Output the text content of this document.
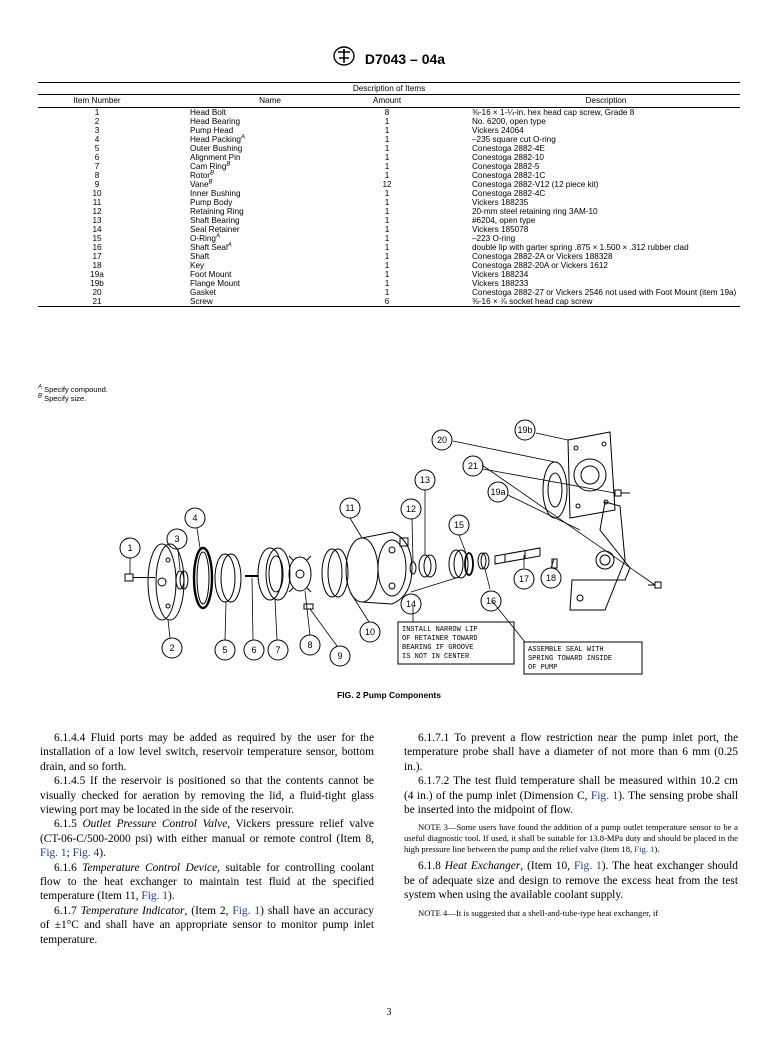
D7043 – 04a
Description of Items
Item Number	Name	Amount	Description
1	Head Bolt	8	⅜-16 × 1-¼-in. hex head cap screw, Grade 8
2	Head Bearing	1	No. 6200, open type
3	Pump Head	1	Vickers 24064
4	Head Packing$^A$	1	–235 square cut O-ring
5	Outer Bushing	1	Conestoga 2882-4E
6	Alignment Pin	1	Conestoga 2882-10
7	Cam Ring$^B$	1	Conestoga 2882-5
8	Rotor$^B$	1	Conestoga 2882-1C
9	Vane$^B$	12	Conestoga 2882-V12 (12 piece kit)
10	Inner Bushing	1	Conestoga 2882-4C
11	Pump Body	1	Vickers 188235
12	Retaining Ring	1	20-mm steel retaining ring 3AM-10
13	Shaft Bearing	1	#6204, open type
14	Seal Retainer	1	Vickers 185078
15	O-Ring$^A$	1	–223 O-ring
16	Shaft Seal$^A$	1	double lip with garter spring .875 × 1.500 × .312 rubber clad
17	Shaft	1	Conestoga 2882-2A or Vickers 188328
18	Key	1	Conestoga 2882-20A or Vickers 1612
19a	Foot Mount	1	Vickers 188234
19b	Flange Mount	1	Vickers 188233
20	Gasket	1	Conestoga 2882-27 or Vickers 2546 not used with Foot Mount (item 19a)
21	Screw	6	⅜-16 × ⅞ socket head cap screw
$^A$ Specify compound.
$^B$ Specify size.
INSTALL NARROW LIP
OF RETAINER TOWARD
BEARING IF GROOVE
IS NOT IN CENTER
ASSEMBLE SEAL WITH
SPRING TOWARD INSIDE
OF PUMP
1
2
3
4
5	6 7	8
9
10
11	12
13
14
15
16
17 18
19a
19b
20
21
FIG. 2 Pump Components

6.1.4.4 Fluid ports may be added as required by the user for the installation of a low level switch, reservoir temperature sensor, bottom drain, and so forth.

6.1.4.5 If the reservoir is positioned so that the contents cannot be visually checked for aeration by removing the lid, a fluid-tight glass viewing port may be located in the side of the reservoir.

6.1.5 Outlet Pressure Control Valve, Vickers pressure relief valve (CT-06-C/500-2000 psi) with either manual or remote control (Item 8, Fig. 1; Fig. 4).

6.1.6 Temperature Control Device, suitable for controlling coolant flow to the heat exchanger to maintain test fluid at the specified temperature (Item 11, Fig. 1).

6.1.7 Temperature Indicator, (Item 2, Fig. 1) shall have an accuracy of ±1°C and shall have an appropriate sensor to monitor pump inlet temperature.

6.1.7.1 To prevent a flow restriction near the pump inlet port, the temperature probe shall have a diameter of not more than 6 mm (0.25 in.).

6.1.7.2 The test fluid temperature shall be measured within 10.2 cm (4 in.) of the pump inlet (Dimension C, Fig. 1). The sensing probe shall be inserted into the midpoint of flow.

NOTE 3—Some users have found the addition of a pump outlet temperature sensor to be a useful diagnostic tool. If used, it shall be suitable for 13.8-MPa duty and should be placed in the high pressure line between the pump and the relief valve (Item 18, Fig. 1).

6.1.8 Heat Exchanger, (Item 10, Fig. 1). The heat exchanger should be of adequate size and design to remove the excess heat from the test system when using the available coolant supply.

NOTE 4—It is suggested that a shell-and-tube-type heat exchanger, if

3
